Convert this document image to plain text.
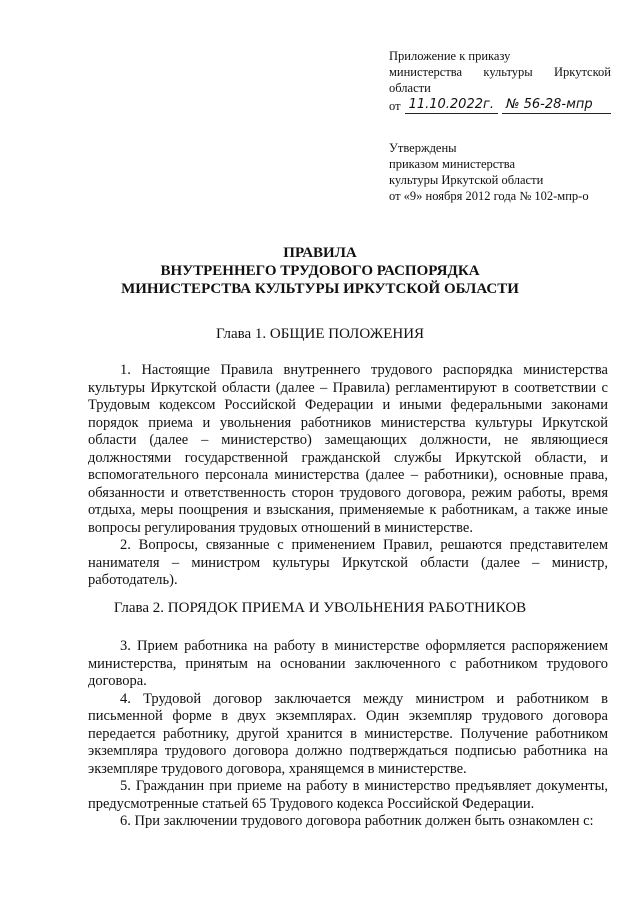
Приложение к приказу
министерства культуры Иркутской
области
от 11.10.2022г. № 56-28-мпр
Утверждены
приказом министерства
культуры Иркутской области
от «9» ноября 2012 года № 102-мпр-о
ПРАВИЛА
ВНУТРЕННЕГО ТРУДОВОГО РАСПОРЯДКА
МИНИСТЕРСТВА КУЛЬТУРЫ ИРКУТСКОЙ ОБЛАСТИ
Глава 1. ОБЩИЕ ПОЛОЖЕНИЯ

1. Настоящие Правила внутреннего трудового распорядка министерства культуры Иркутской области (далее – Правила) регламентируют в соответствии с Трудовым кодексом Российской Федерации и иными федеральными законами порядок приема и увольнения работников министерства культуры Иркутской области (далее – министерство) замещающих должности, не являющиеся должностями государственной гражданской службы Иркутской области, и вспомогательного персонала министерства (далее – работники), основные права, обязанности и ответственность сторон трудового договора, режим работы, время отдыха, меры поощрения и взыскания, применяемые к работникам, а также иные вопросы регулирования трудовых отношений в министерстве.

2. Вопросы, связанные с применением Правил, решаются представителем нанимателя – министром культуры Иркутской области (далее – министр, работодатель).

Глава 2. ПОРЯДОК ПРИЕМА И УВОЛЬНЕНИЯ РАБОТНИКОВ

3. Прием работника на работу в министерстве оформляется распоряжением министерства, принятым на основании заключенного с работником трудового договора.

4. Трудовой договор заключается между министром и работником в письменной форме в двух экземплярах. Один экземпляр трудового договора передается работнику, другой хранится в министерстве. Получение работником экземпляра трудового договора должно подтверждаться подписью работника на экземпляре трудового договора, хранящемся в министерстве.

5. Гражданин при приеме на работу в министерство предъявляет документы, предусмотренные статьей 65 Трудового кодекса Российской Федерации.

6. При заключении трудового договора работник должен быть ознакомлен с:
